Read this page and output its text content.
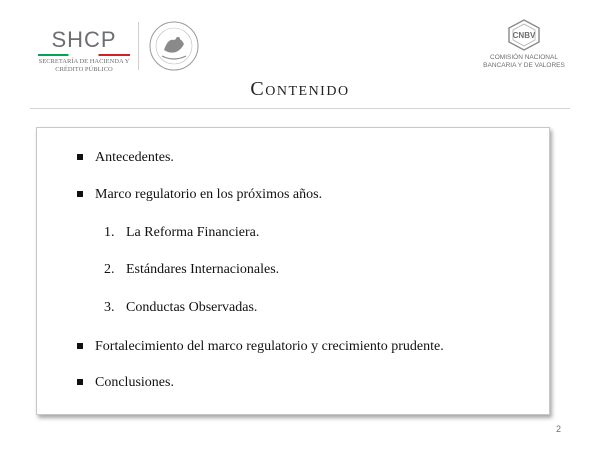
SHCP
SECRETARÍA DE HACIENDA Y CRÉDITO PÚBLICO
CNBV
COMISIÓN NACIONAL
BANCARIA Y DE VALORES
Contenido
Antecedentes.
Marco regulatorio en los próximos años.
1. La Reforma Financiera.
2. Estándares Internacionales.
3. Conductas Observadas.
Fortalecimiento del marco regulatorio y crecimiento prudente.
Conclusiones.
2
